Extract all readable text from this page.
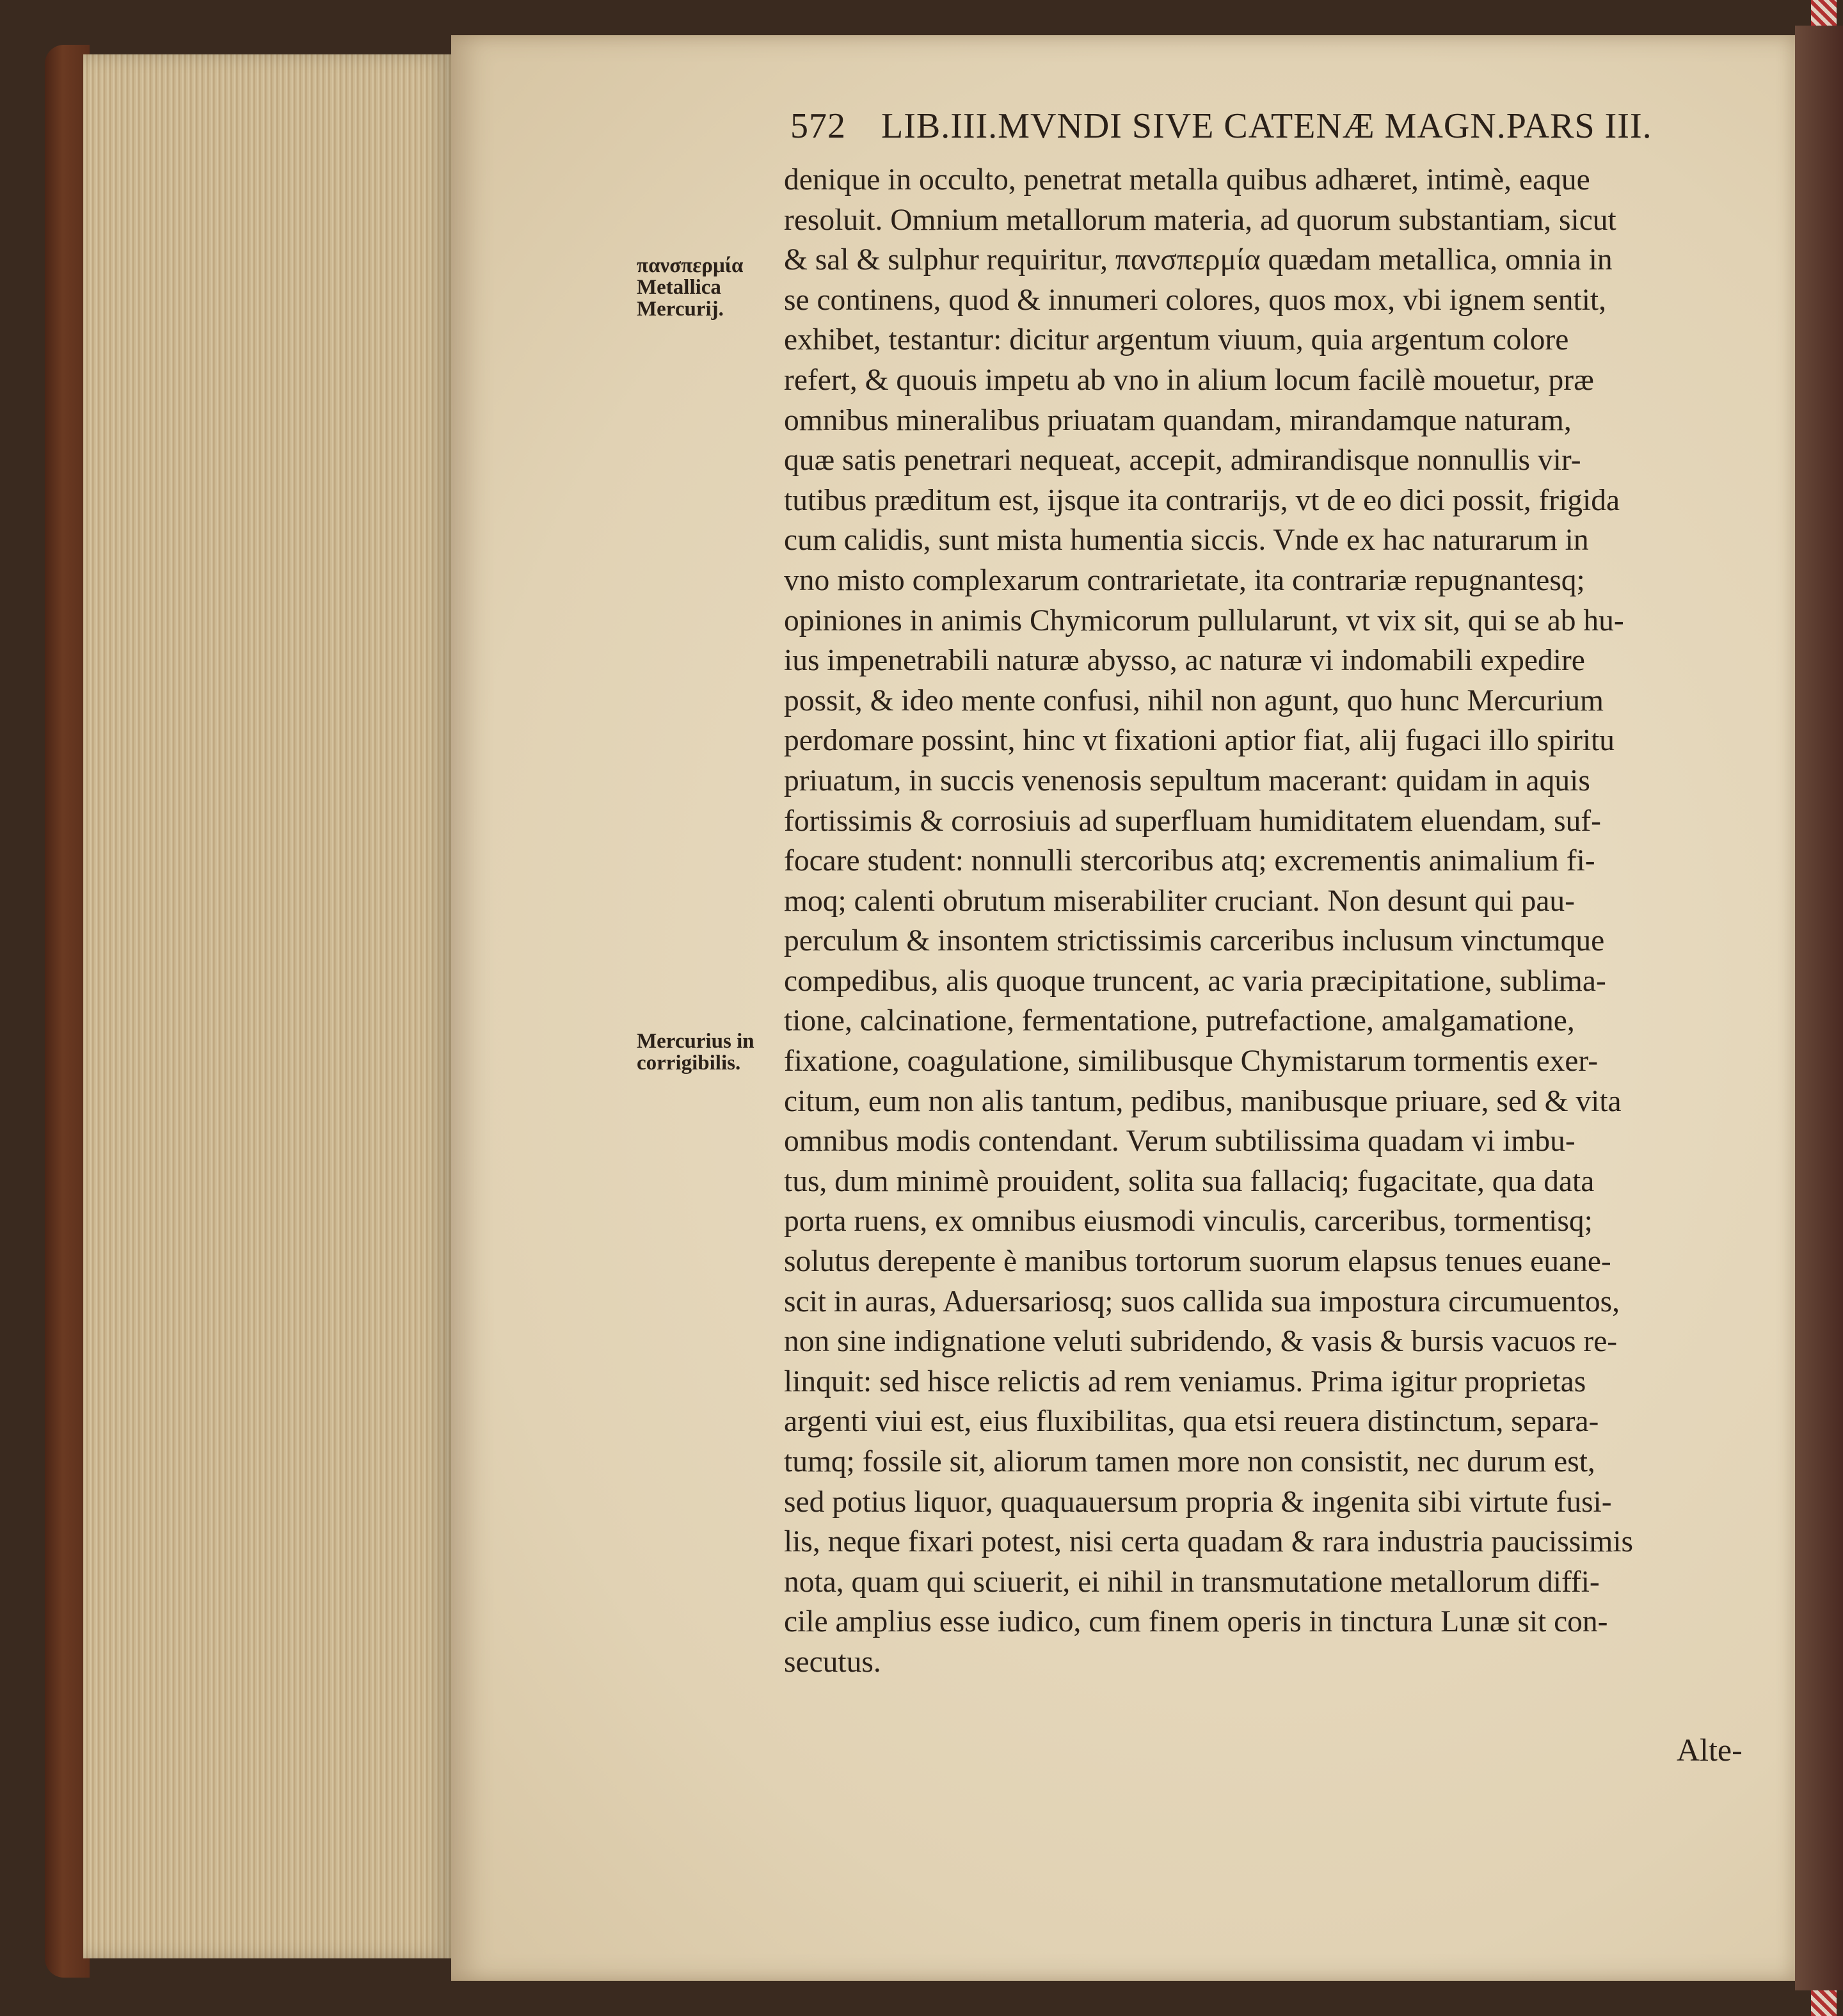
572 LIB.III.MVNDI SIVE CATENÆ MAGN.PARS III.
πανσπερμία
Metallica
Mercurij.
Mercurius in
corrigibilis.
denique in occulto, penetrat metalla quibus adhæret, intimè, eaque
resoluit. Omnium metallorum materia, ad quorum substantiam, sicut
& sal & sulphur requiritur, πανσπερμία quædam metallica, omnia in
se continens, quod & innumeri colores, quos mox, vbi ignem sentit,
exhibet, testantur: dicitur argentum viuum, quia argentum colore
refert, & quouis impetu ab vno in alium locum facilè mouetur, præ
omnibus mineralibus priuatam quandam, mirandamque naturam,
quæ satis penetrari nequeat, accepit, admirandisque nonnullis vir-
tutibus præditum est, ijsque ita contrarijs, vt de eo dici possit, frigida
cum calidis, sunt mista humentia siccis. Vnde ex hac naturarum in
vno misto complexarum contrarietate, ita contrariæ repugnantesq;
opiniones in animis Chymicorum pullularunt, vt vix sit, qui se ab hu-
ius impenetrabili naturæ abysso, ac naturæ vi indomabili expedire
possit, & ideo mente confusi, nihil non agunt, quo hunc Mercurium
perdomare possint, hinc vt fixationi aptior fiat, alij fugaci illo spiritu
priuatum, in succis venenosis sepultum macerant: quidam in aquis
fortissimis & corrosiuis ad superfluam humiditatem eluendam, suf-
focare student: nonnulli stercoribus atq; excrementis animalium fi-
moq; calenti obrutum miserabiliter cruciant. Non desunt qui pau-
perculum & insontem strictissimis carceribus inclusum vinctumque
compedibus, alis quoque truncent, ac varia præcipitatione, sublima-
tione, calcinatione, fermentatione, putrefactione, amalgamatione,
fixatione, coagulatione, similibusque Chymistarum tormentis exer-
citum, eum non alis tantum, pedibus, manibusque priuare, sed & vita
omnibus modis contendant. Verum subtilissima quadam vi imbu-
tus, dum minimè prouident, solita sua fallaciq; fugacitate, qua data
porta ruens, ex omnibus eiusmodi vinculis, carceribus, tormentisq;
solutus derepente è manibus tortorum suorum elapsus tenues euane-
scit in auras, Aduersariosq; suos callida sua impostura circumuentos,
non sine indignatione veluti subridendo, & vasis & bursis vacuos re-
linquit: sed hisce relictis ad rem veniamus. Prima igitur proprietas
argenti viui est, eius fluxibilitas, qua etsi reuera distinctum, separa-
tumq; fossile sit, aliorum tamen more non consistit, nec durum est,
sed potius liquor, quaquauersum propria & ingenita sibi virtute fusi-
lis, neque fixari potest, nisi certa quadam & rara industria paucissimis
nota, quam qui sciuerit, ei nihil in transmutatione metallorum diffi-
cile amplius esse iudico, cum finem operis in tinctura Lunæ sit con-
secutus.
Alte-
